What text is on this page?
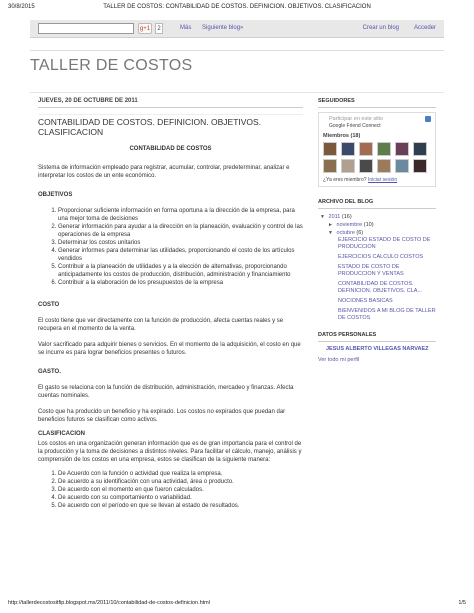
30/8/2015	TALLER DE COSTOS: CONTABILIDAD DE COSTOS. DEFINICION. OBJETIVOS. CLASIFICACION
g+1	2	Más Siguiente blog»	Crear un blog Acceder
TALLER DE COSTOS
JUEVES, 20 DE OCTUBRE DE 2011
CONTABILIDAD DE COSTOS. DEFINICION. OBJETIVOS. CLASIFICACION
CONTABILIDAD DE COSTOS
Sistema de información empleado para registrar, acumular, controlar, predeterminar, analizar e interpretar los costos de un ente económico.
OBJETIVOS
1. Proporcionar suficiente información en forma oportuna a la dirección de la empresa, para una mejor toma de decisiones
2. Generar información para ayudar a la dirección en la planeación, evaluación y control de las operaciones de la empresa
3. Determinar los costos unitarios
4. Generar informes para determinar las utilidades, proporcionando el costo de los artículos vendidos
5. Contribuir a la planeación de utilidades y a la elección de alternativas, proporcionando anticipadamente los costos de producción, distribución, administración y financiamiento
6. Contribuir a la elaboración de los presupuestos de la empresa
COSTO
El costo tiene que ver directamente con la función de producción, afecta cuentas reales y se recupera en el momento de la venta.
Valor sacrificado para adquirir bienes o servicios. En el momento de la adquisición, el costo en que se incurre es para lograr beneficios presentes o futuros.
GASTO.
El gasto se relaciona con la función de distribución, administración, mercadeo y finanzas. Afecta cuentas nominales.
Costo que ha producido un beneficio y ha expirado. Los costos no expirados que puedan dar beneficios futuros se clasifican como activos.
CLASIFICACION
Los costos en una organización generan información que es de gran importancia para el control de la producción y la toma de decisiones a distintos niveles. Para facilitar el cálculo, manejo, análisis y comprensión de los costos en una empresa, estos se clasifican de la siguiente manera:
1. De Acuerdo con la función o actividad que realiza la empresa.
2. De acuerdo a su identificación con una actividad, área o producto.
3. De acuerdo con el momento en que fueron calculados.
4. De acuerdo con su comportamiento o variabilidad.
5. De acuerdo con el período en que se llevan al estado de resultados.
SEGUIDORES
Participar en este sitio
Google Friend Connect
Miembros (18)
¿Ya eres miembro? Iniciar sesión
ARCHIVO DEL BLOG
▼ 2011 (16)
► noviembre (10)
▼ octubre (6)
EJERCICIO ESTADO DE COSTO DE PRODUCCION
EJERCICIOS CALCULO COSTOS
ESTADO DE COSTO DE PRODUCCION Y VENTAS
CONTABILIDAD DE COSTOS. DEFINICION. OBJETIVOS. CLA...
NOCIONES BASICAS
BIENVENIDOS A MI BLOG DE TALLER DE COSTOS
DATOS PERSONALES
JESUS ALBERTO VILLEGAS NARVAEZ
Ver todo mi perfil
http://tallerdecostositfip.blogspot.mx/2011/10/contabilidad-de-costos-definicion.html	1/5
